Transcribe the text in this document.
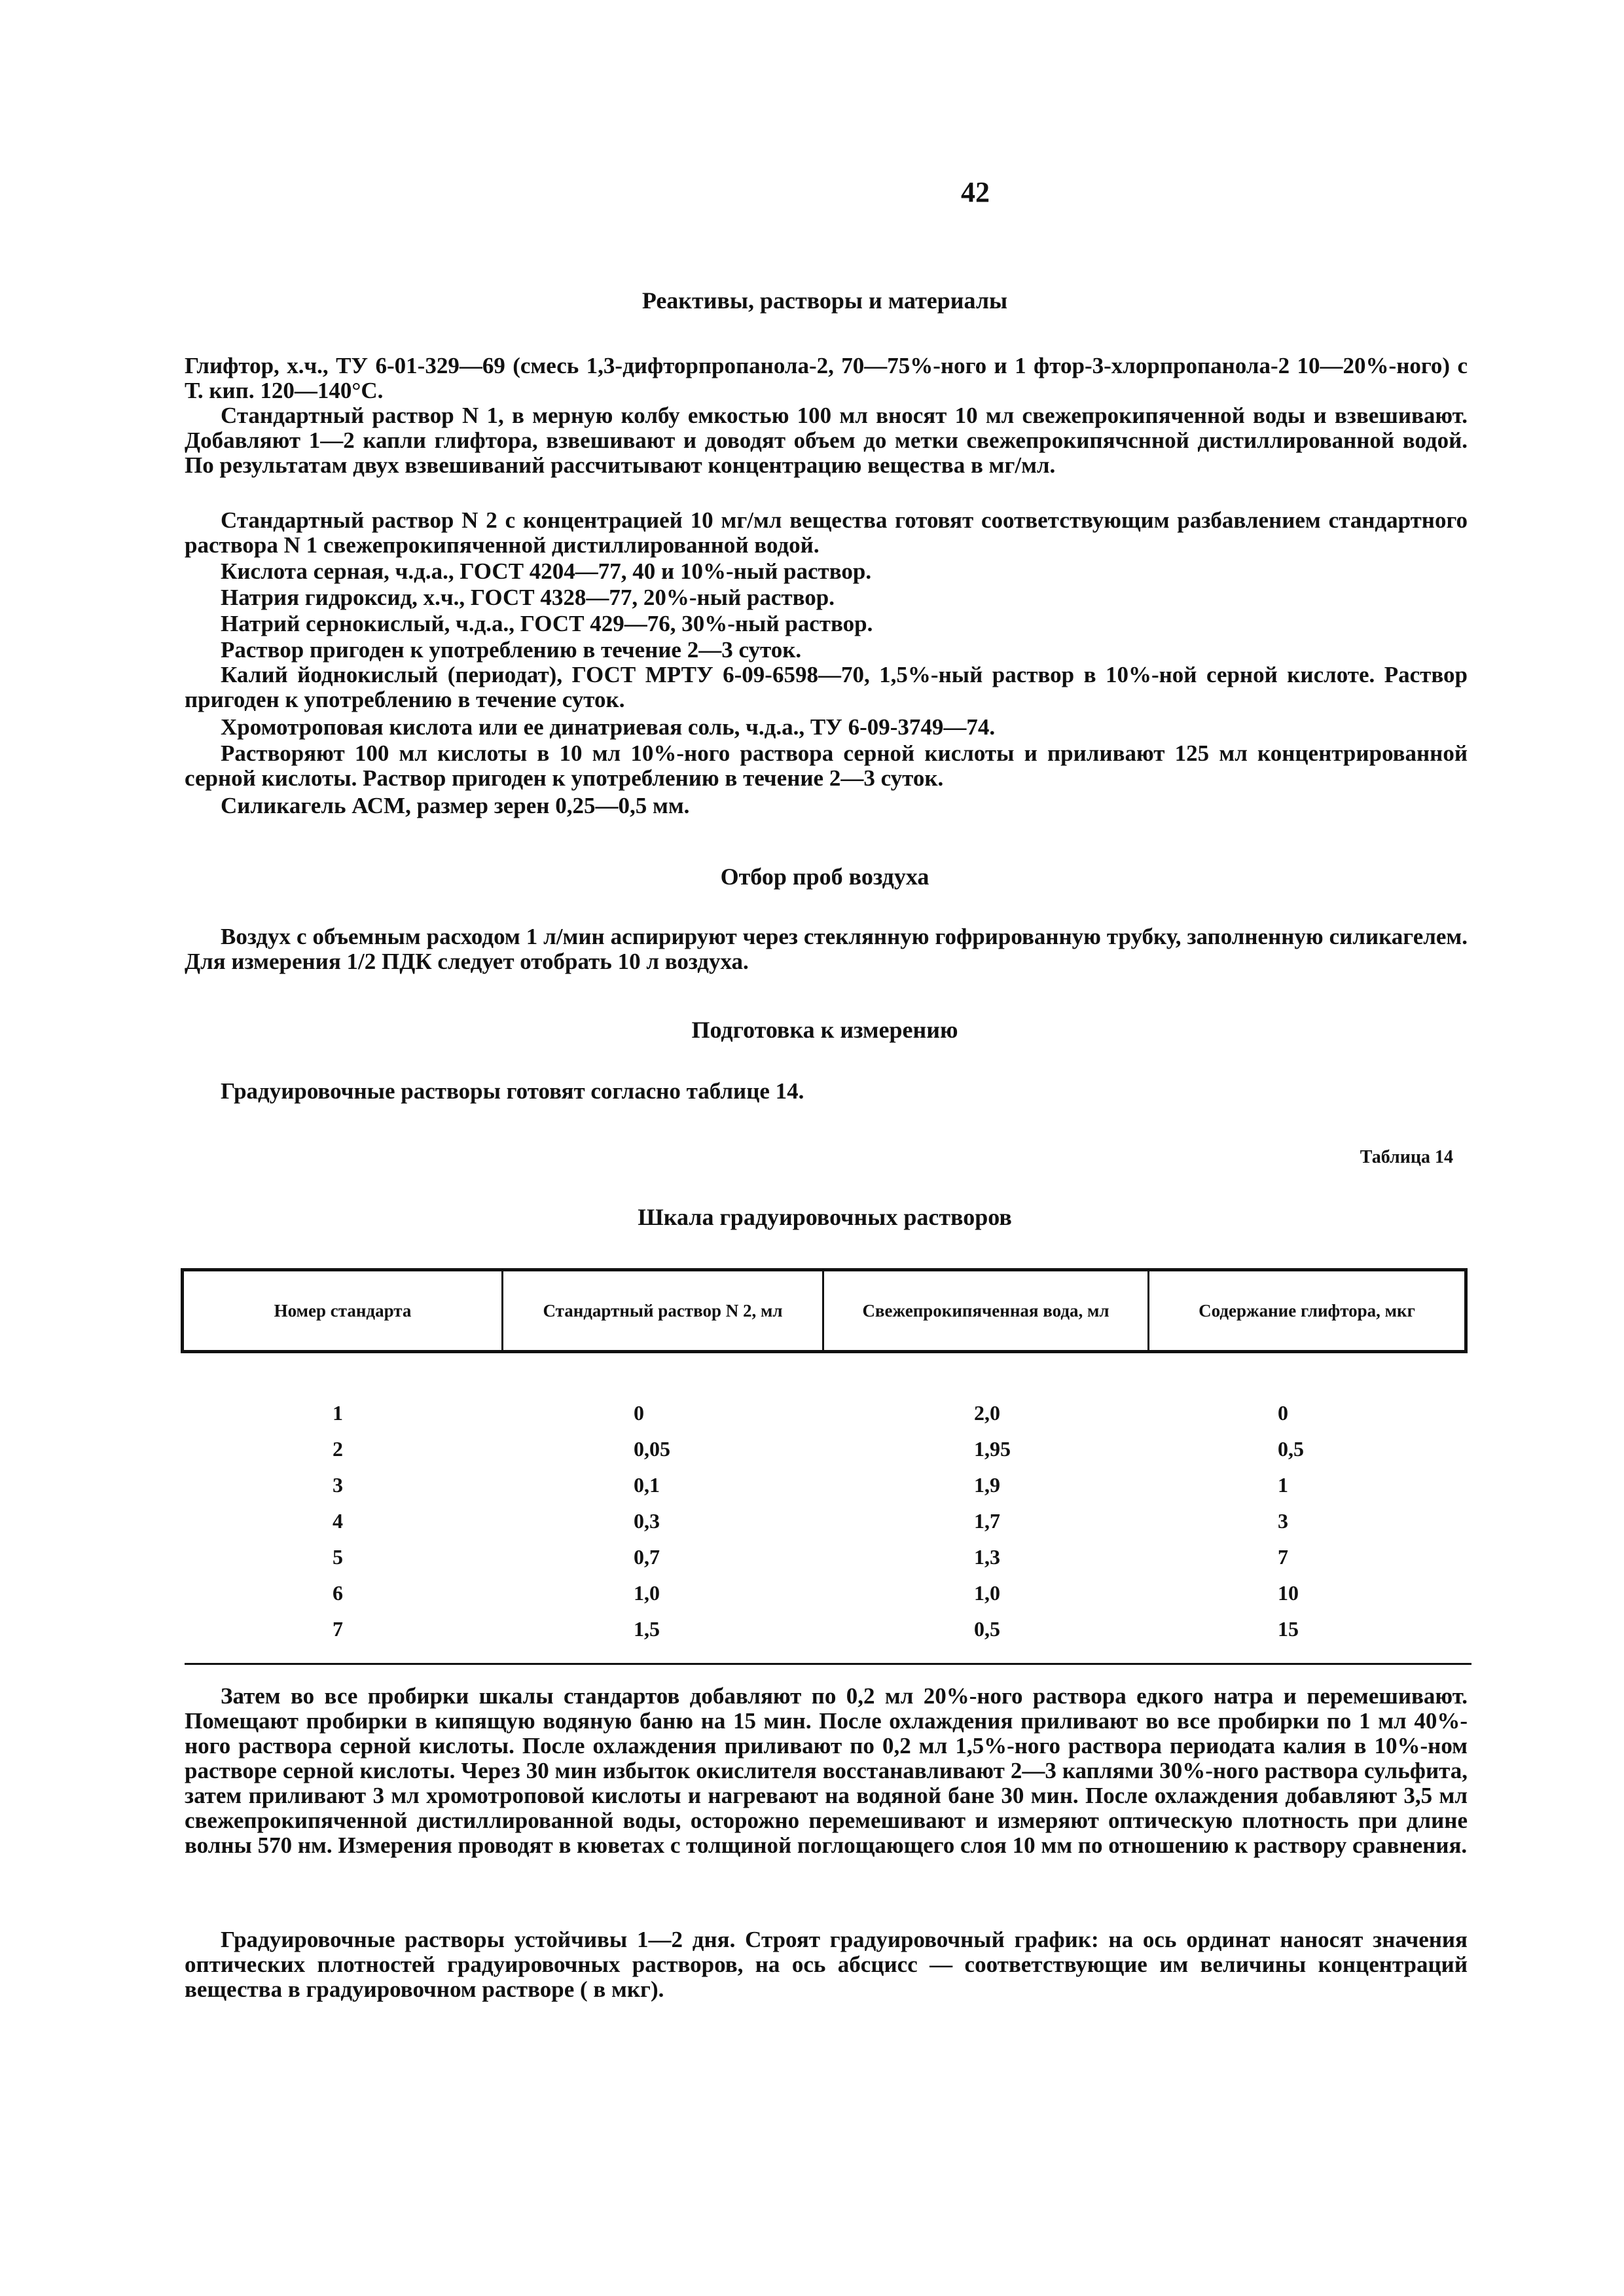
42
Реактивы, растворы и материалы
Глифтор, х.ч., ТУ 6-01-329—69 (смесь 1,3-дифторпропанола-2, 70—75%-ного и 1 фтор-3-хлорпропанола-2 10—20%-ного) с Т. кип. 120—140°С.
Стандартный раствор N 1, в мерную колбу емкостью 100 мл вносят 10 мл свежепрокипяченной воды и взвешивают. Добавляют 1—2 капли глифтора, взвешивают и доводят объем до метки свежепрокипячснной дистиллированной водой. По результатам двух взвешиваний рассчитывают концентрацию вещества в мг/мл.
Стандартный раствор N 2 с концентрацией 10 мг/мл вещества готовят соответствующим разбавлением стандартного раствора N 1 свежепрокипяченной дистиллированной водой.
Кислота серная, ч.д.а., ГОСТ 4204—77, 40 и 10%-ный раствор.
Натрия гидроксид, х.ч., ГОСТ 4328—77, 20%-ный раствор.
Натрий сернокислый, ч.д.а., ГОСТ 429—76, 30%-ный раствор.
Раствор пригоден к употреблению в течение 2—3 суток.
Калий йоднокислый (периодат), ГОСТ МРТУ 6-09-6598—70, 1,5%-ный раствор в 10%-ной серной кислоте. Раствор пригоден к употреблению в течение суток.
Хромотроповая кислота или ее динатриевая соль, ч.д.а., ТУ 6-09-3749—74.
Растворяют 100 мл кислоты в 10 мл 10%-ного раствора серной кислоты и приливают 125 мл концентрированной серной кислоты. Раствор пригоден к употреблению в течение 2—3 суток.
Силикагель АСМ, размер зерен 0,25—0,5 мм.
Отбор проб воздуха
Воздух с объемным расходом 1 л/мин аспирируют через стеклянную гофрированную трубку, заполненную силикагелем. Для измерения 1/2 ПДК следует отобрать 10 л воздуха.
Подготовка к измерению
Градуировочные растворы готовят согласно таблице 14.
Таблица 14
Шкала градуировочных растворов
Номер стандарта	Стандартный раствор N 2, мл	Свежепрокипяченная вода, мл	Содержание глифтора, мкг
1	0	2,0	0
2	0,05	1,95	0,5
3	0,1	1,9	1
4	0,3	1,7	3
5	0,7	1,3	7
6	1,0	1,0	10
7	1,5	0,5	15
Затем во все пробирки шкалы стандартов добавляют по 0,2 мл 20%-ного раствора едкого натра и перемешивают. Помещают пробирки в кипящую водяную баню на 15 мин. После охлаждения приливают во все пробирки по 1 мл 40%-ного раствора серной кислоты. После охлаждения приливают по 0,2 мл 1,5%-ного раствора периодата калия в 10%-ном растворе серной кислоты. Через 30 мин избыток окислителя восстанавливают 2—3 каплями 30%-ного раствора сульфита, затем приливают 3 мл хромотроповой кислоты и нагревают на водяной бане 30 мин. После охлаждения добавляют 3,5 мл свежепрокипяченной дистиллированной воды, осторожно перемешивают и измеряют оптическую плотность при длине волны 570 нм. Измерения проводят в кюветах с толщиной поглощающего слоя 10 мм по отношению к раствору сравнения.
Градуировочные растворы устойчивы 1—2 дня. Строят градуировочный график: на ось ординат наносят значения оптических плотностей градуировочных растворов, на ось абсцисс — соответствующие им величины концентраций вещества в градуировочном растворе ( в мкг).
